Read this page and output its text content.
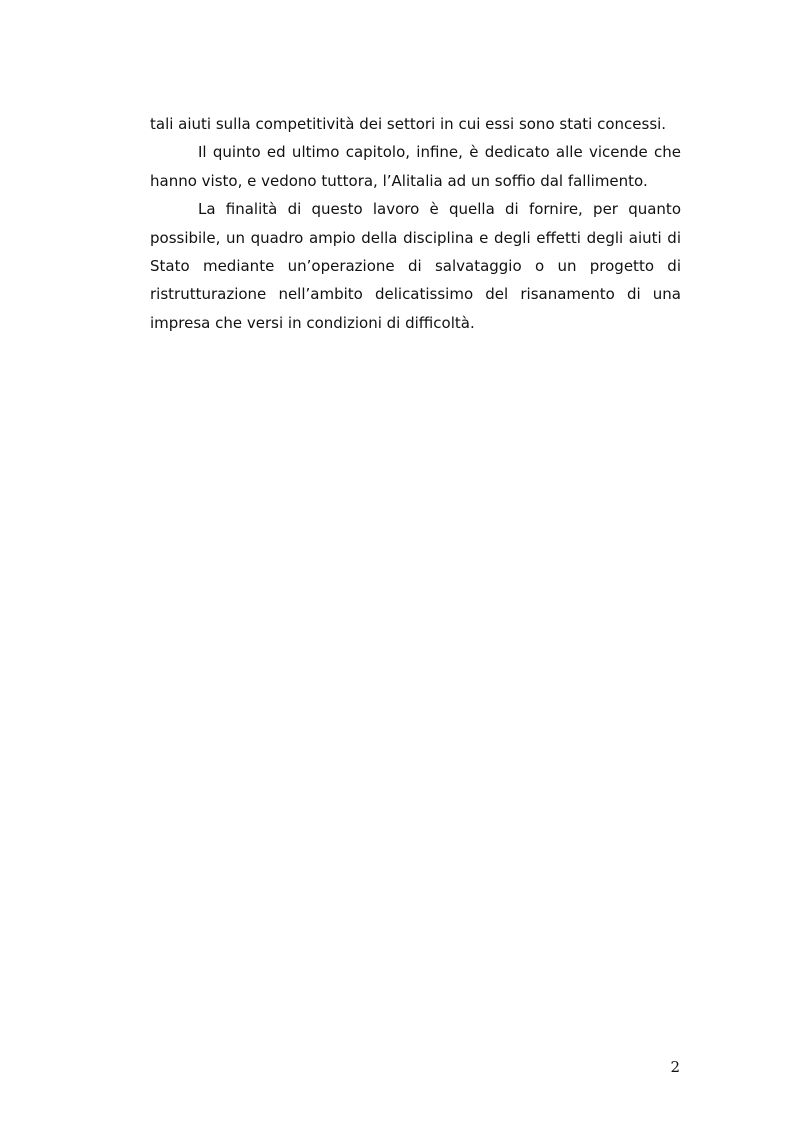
tali aiuti sulla competitività dei settori in cui essi sono stati concessi.

Il quinto ed ultimo capitolo, infine, è dedicato alle vicende che hanno visto, e vedono tuttora, l’Alitalia ad un soffio dal fallimento.

La finalità di questo lavoro è quella di fornire, per quanto possibile, un quadro ampio della disciplina e degli effetti degli aiuti di Stato mediante un’operazione di salvataggio o un progetto di ristrutturazione nell’ambito delicatissimo del risanamento di una impresa che versi in condizioni di difficoltà.

2
